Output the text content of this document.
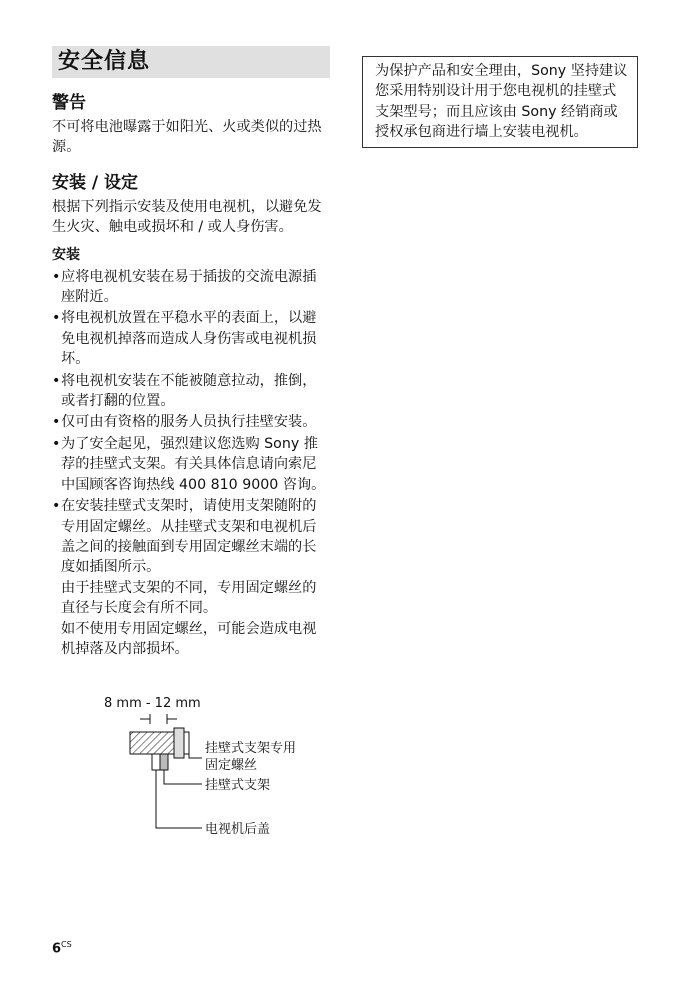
安全信息
警告

不可将电池曝露于如阳光、火或类似的过热源。

安装 / 设定

根据下列指示安装及使用电视机，以避免发生火灾、触电或损坏和 / 或人身伤害。

安装
• 应将电视机安装在易于插拔的交流电源插座附近。
• 将电视机放置在平稳水平的表面上，以避免电视机掉落而造成人身伤害或电视机损坏。
• 将电视机安装在不能被随意拉动，推倒，或者打翻的位置。
• 仅可由有资格的服务人员执行挂壁安装。
• 为了安全起见，强烈建议您选购 Sony 推荐的挂壁式支架。有关具体信息请向索尼中国顾客咨询热线 400 810 9000 咨询。

• 在安装挂壁式支架时，请使用支架随附的专用固定螺丝。从挂壁式支架和电视机后盖之间的接触面到专用固定螺丝末端的长度如插图所示。

由于挂壁式支架的不同，专用固定螺丝的直径与长度会有所不同。

如不使用专用固定螺丝，可能会造成电视机掉落及内部损坏。

8 mm - 12 mm
挂壁式支架专用
固定螺丝
挂壁式支架
电视机后盖
为保护产品和安全理由，Sony 坚持建议您采用特别设计用于您电视机的挂壁式支架型号；而且应该由 Sony 经销商或授权承包商进行墙上安装电视机。
$6^{CS}$
